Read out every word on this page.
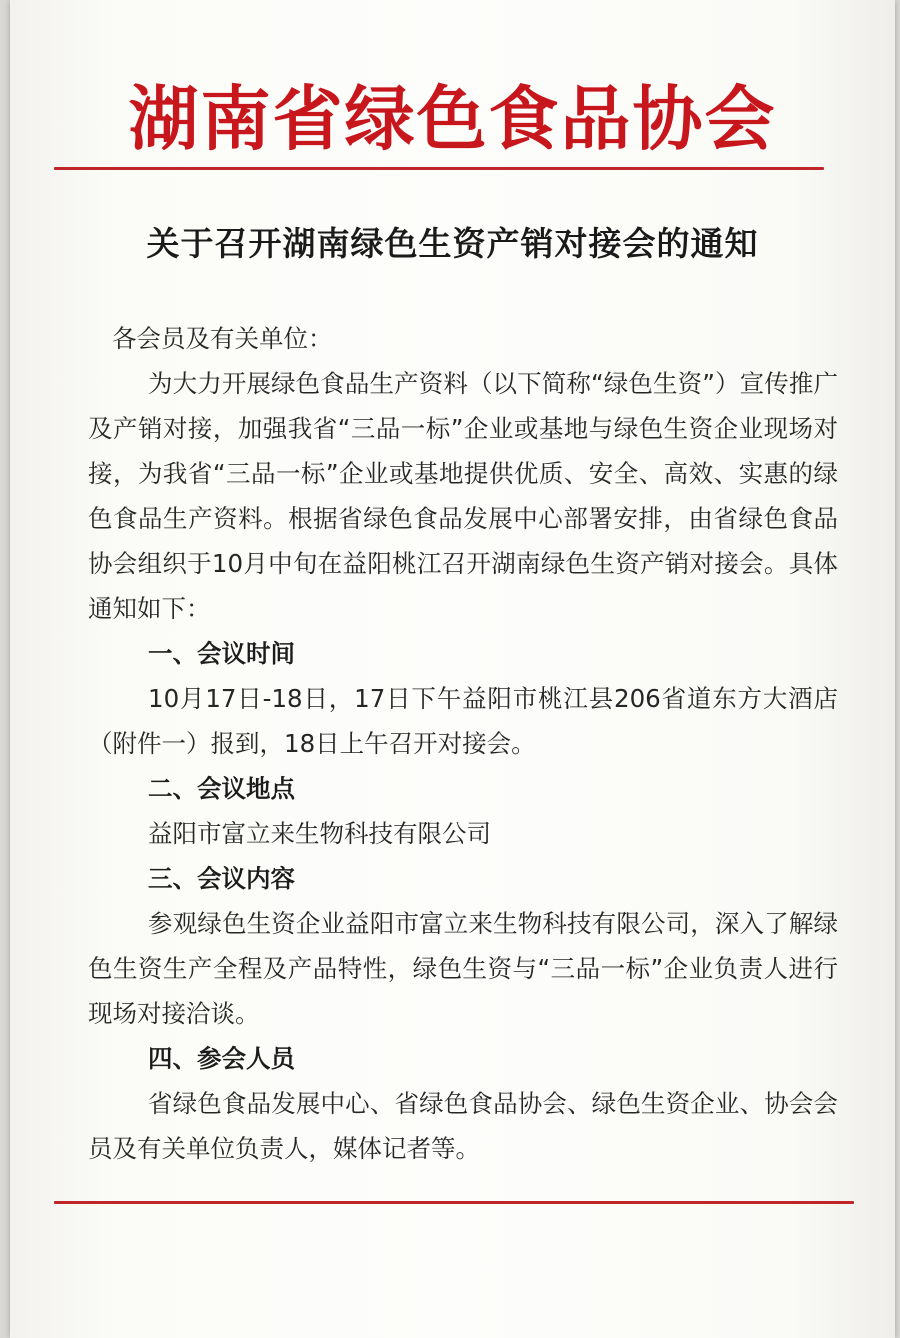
湖南省绿色食品协会
关于召开湖南绿色生资产销对接会的通知

各会员及有关单位：

为大力开展绿色食品生产资料（以下简称“绿色生资”）宣传推广及产销对接，加强我省“三品一标”企业或基地与绿色生资企业现场对接，为我省“三品一标”企业或基地提供优质、安全、高效、实惠的绿色食品生产资料。根据省绿色食品发展中心部署安排，由省绿色食品协会组织于10月中旬在益阳桃江召开湖南绿色生资产销对接会。具体通知如下：

一、会议时间

10月17日-18日，17日下午益阳市桃江县206省道东方大酒店（附件一）报到，18日上午召开对接会。

二、会议地点

益阳市富立来生物科技有限公司

三、会议内容

参观绿色生资企业益阳市富立来生物科技有限公司，深入了解绿色生资生产全程及产品特性，绿色生资与“三品一标”企业负责人进行现场对接洽谈。

四、参会人员

省绿色食品发展中心、省绿色食品协会、绿色生资企业、协会会员及有关单位负责人，媒体记者等。
